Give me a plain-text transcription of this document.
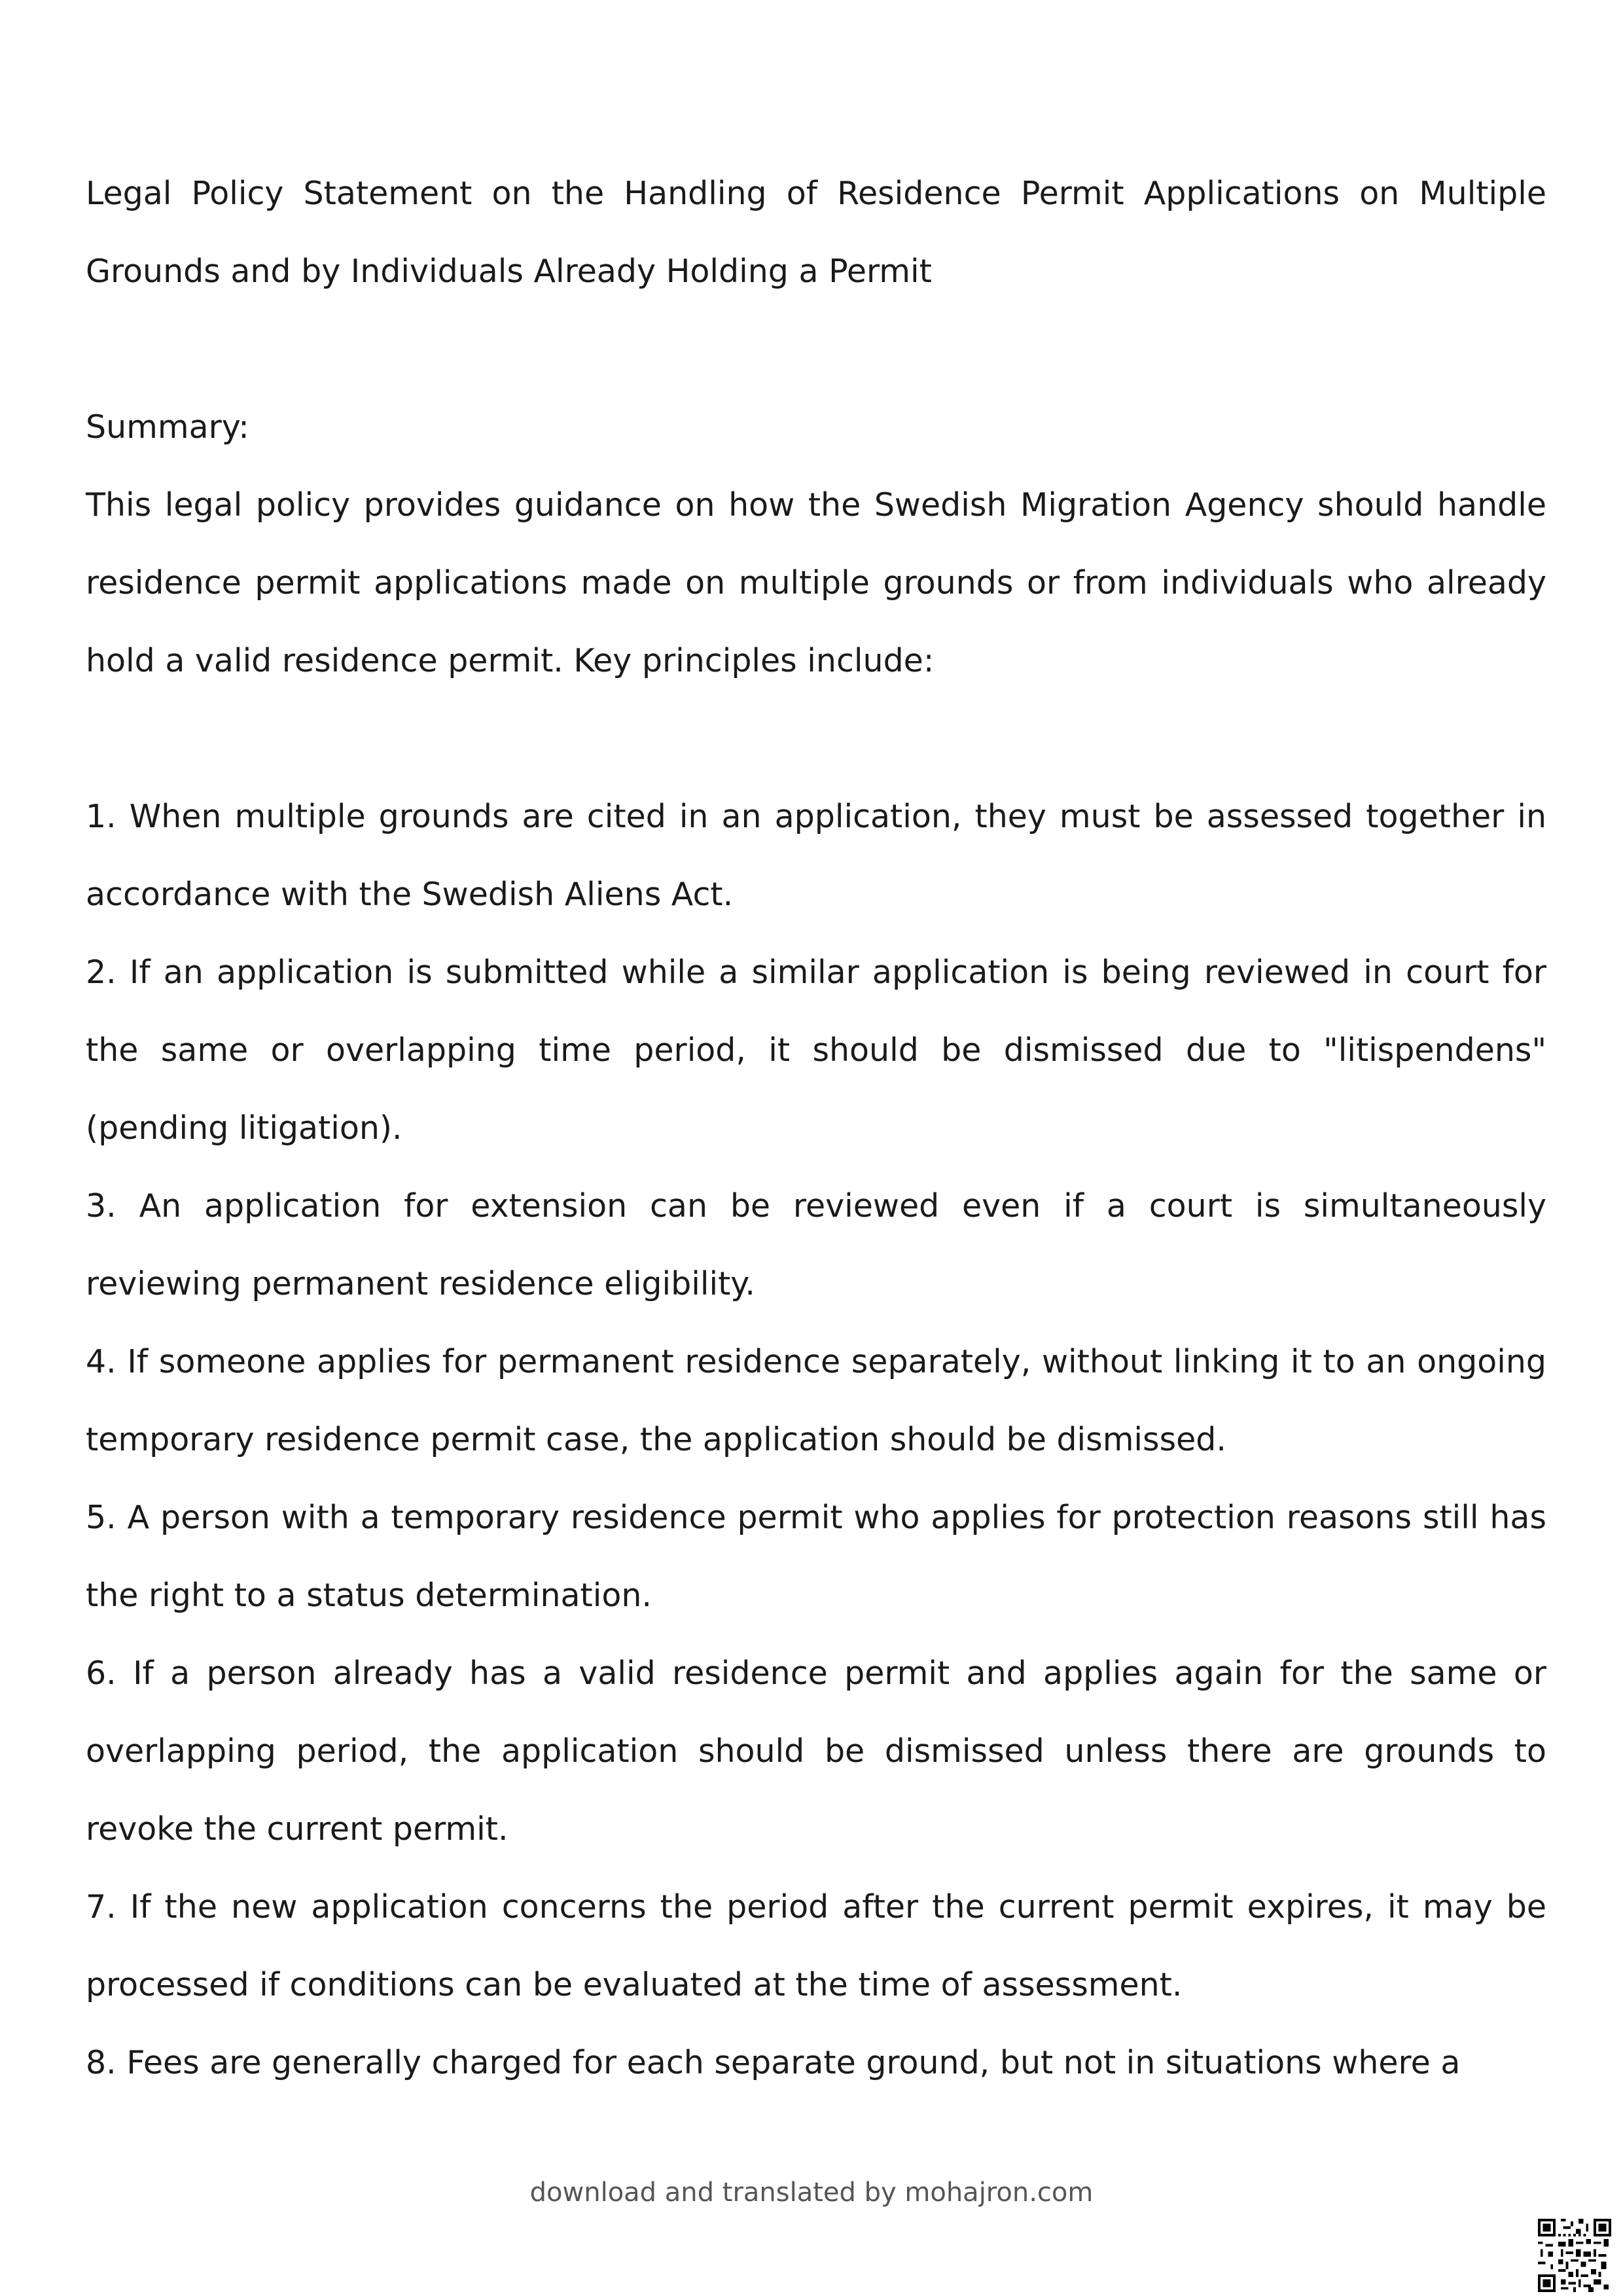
Legal Policy Statement on the Handling of Residence Permit Applications on Multiple Grounds and by Individuals Already Holding a Permit

Summary:

This legal policy provides guidance on how the Swedish Migration Agency should handle residence permit applications made on multiple grounds or from individuals who already hold a valid residence permit. Key principles include:

1. When multiple grounds are cited in an application, they must be assessed together in accordance with the Swedish Aliens Act.

2. If an application is submitted while a similar application is being reviewed in court for the same or overlapping time period, it should be dismissed due to "litispendens" (pending litigation).

3. An application for extension can be reviewed even if a court is simultaneously reviewing permanent residence eligibility.

4. If someone applies for permanent residence separately, without linking it to an ongoing temporary residence permit case, the application should be dismissed.

5. A person with a temporary residence permit who applies for protection reasons still has the right to a status determination.

6. If a person already has a valid residence permit and applies again for the same or overlapping period, the application should be dismissed unless there are grounds to revoke the current permit.

7. If the new application concerns the period after the current permit expires, it may be processed if conditions can be evaluated at the time of assessment.

8. Fees are generally charged for each separate ground, but not in situations where a

download and translated by mohajron.com
